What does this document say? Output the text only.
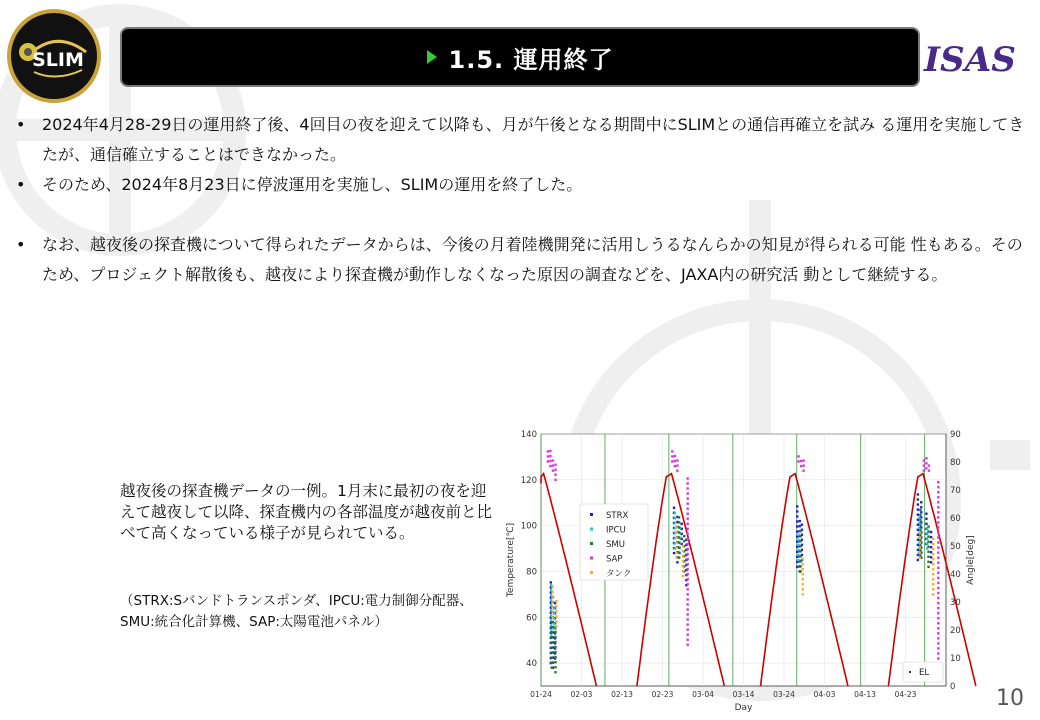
SLIM	1.5. 運用終了	ISAS
• 2024年4月28-29日の運用終了後、4回目の夜を迎えて以降も、月が午後となる期間中にSLIMとの通信再確立を試み る運用を実施してきたが、通信確立することはできなかった。
• そのため、2024年8月23日に停波運用を実施し、SLIMの運用を終了した。
• なお、越夜後の探査機について得られたデータからは、今後の月着陸機開発に活用しうるなんらかの知見が得られる可能 性もある。そのため、プロジェクト解散後も、越夜により探査機が動作しなくなった原因の調査などを、JAXA内の研究活 動として継続する。
越夜後の探査機データの一例。1月末に最初の夜を迎えて越夜して以降、探査機内の各部温度が越夜前と比べて高くなっている様子が見られている。
（STRX:Sバンドトランスポンダ、IPCU:電力制御分配器、SMU:統合化計算機、SAP:太陽電池パネル）
40
60
80
100
120
140
0
10
20
30
40
50
60
70
80
90
01-24 02-03 02-13 02-23 03-04 03-14 03-24 04-03 04-13 04-23
Day
Temperature[℃]	Angle[deg]
STRX
IPCU
SMU
SAP
タンク
EL
10
